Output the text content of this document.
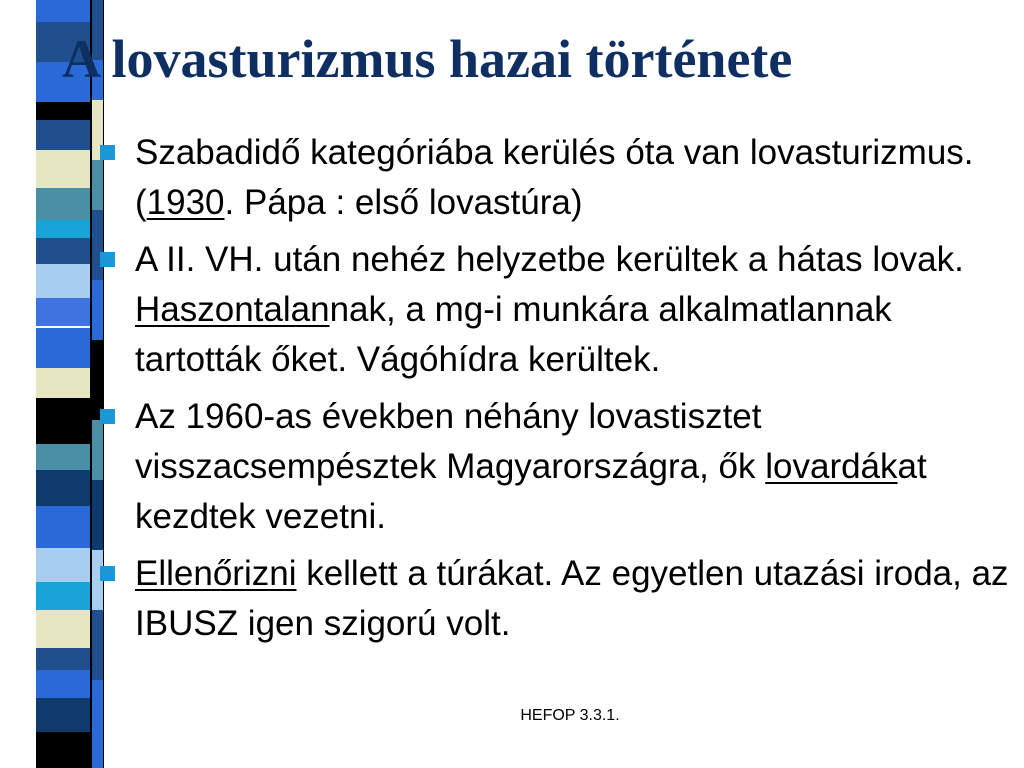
A lovasturizmus hazai története
Szabadidő kategóriába kerülés óta van lovasturizmus. (1930. Pápa : első lovastúra)
A II. VH. után nehéz helyzetbe kerültek a hátas lovak. Haszontalannak, a mg-i munkára alkalmatlannak tartották őket. Vágóhídra kerültek.
Az 1960-as években néhány lovastisztet visszacsempésztek Magyarországra, ők lovardákat kezdtek vezetni.
Ellenőrizni kellett a túrákat. Az egyetlen utazási iroda, az IBUSZ igen szigorú volt.
HEFOP 3.3.1.
